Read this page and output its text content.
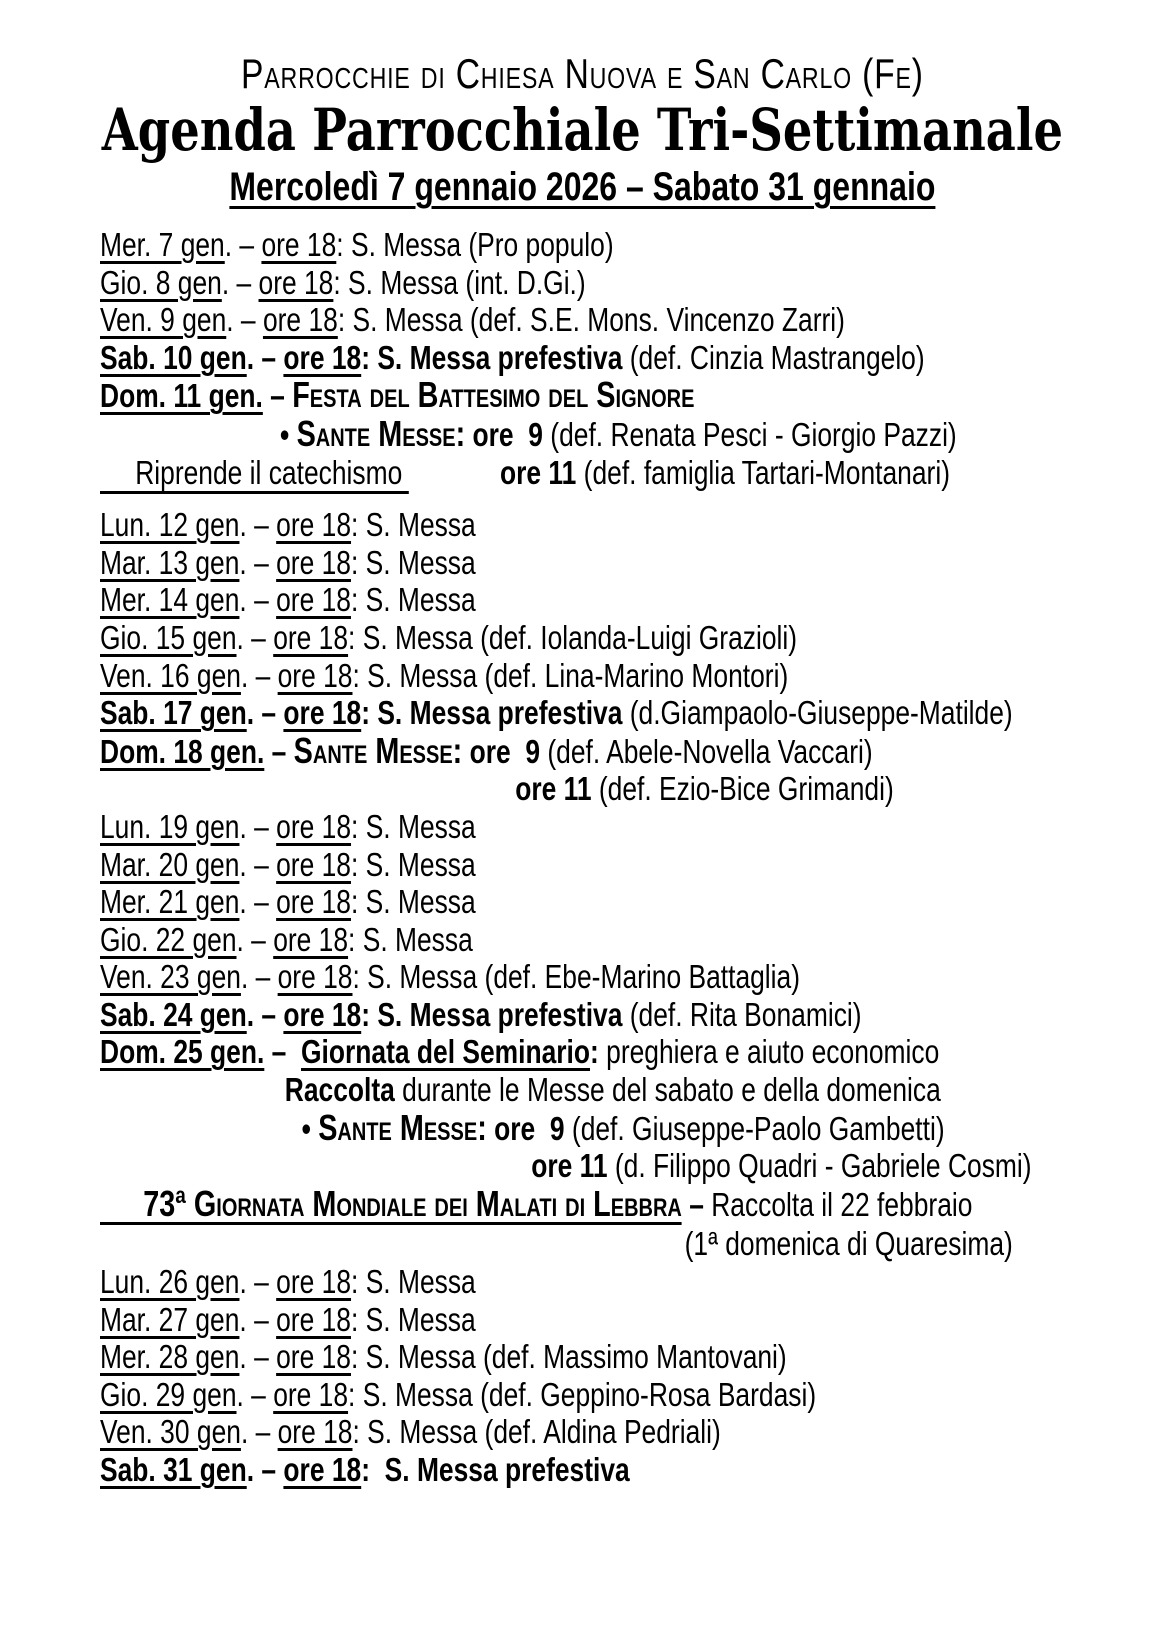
Parrocchie di Chiesa Nuova e San Carlo (Fe)
Agenda Parrocchiale Tri-Settimanale
Mercoledì 7 gennaio 2026 – Sabato 31 gennaio
Mer. 7 gen. – ore 18: S. Messa (Pro populo)
Gio. 8 gen. – ore 18: S. Messa (int. D.Gi.)
Ven. 9 gen. – ore 18: S. Messa (def. S.E. Mons. Vincenzo Zarri)
Sab. 10 gen. – ore 18: S. Messa prefestiva (def. Cinzia Mastrangelo)
Dom. 11 gen. – Festa del Battesimo del Signore
• Sante Messe: ore  9 (def. Renata Pesci - Giorgio Pazzi)
Riprende il catechismo	ore 11 (def. famiglia Tartari-Montanari)
Lun. 12 gen. – ore 18: S. Messa
Mar. 13 gen. – ore 18: S. Messa
Mer. 14 gen. – ore 18: S. Messa
Gio. 15 gen. – ore 18: S. Messa (def. Iolanda-Luigi Grazioli)
Ven. 16 gen. – ore 18: S. Messa (def. Lina-Marino Montori)
Sab. 17 gen. – ore 18: S. Messa prefestiva (d.Giampaolo-Giuseppe-Matilde)
Dom. 18 gen. – Sante Messe: ore  9 (def. Abele-Novella Vaccari)
ore 11 (def. Ezio-Bice Grimandi)
Lun. 19 gen. – ore 18: S. Messa
Mar. 20 gen. – ore 18: S. Messa
Mer. 21 gen. – ore 18: S. Messa
Gio. 22 gen. – ore 18: S. Messa
Ven. 23 gen. – ore 18: S. Messa (def. Ebe-Marino Battaglia)
Sab. 24 gen. – ore 18: S. Messa prefestiva (def. Rita Bonamici)
Dom. 25 gen. –  Giornata del Seminario: preghiera e aiuto economico
Raccolta durante le Messe del sabato e della domenica
• Sante Messe: ore  9 (def. Giuseppe-Paolo Gambetti)
ore 11 (d. Filippo Quadri - Gabriele Cosmi)
73ª Giornata Mondiale dei Malati di Lebbra – Raccolta il 22 febbraio
(1ª domenica di Quaresima)
Lun. 26 gen. – ore 18: S. Messa
Mar. 27 gen. – ore 18: S. Messa
Mer. 28 gen. – ore 18: S. Messa (def. Massimo Mantovani)
Gio. 29 gen. – ore 18: S. Messa (def. Geppino-Rosa Bardasi)
Ven. 30 gen. – ore 18: S. Messa (def. Aldina Pedriali)
Sab. 31 gen. – ore 18:  S. Messa prefestiva
